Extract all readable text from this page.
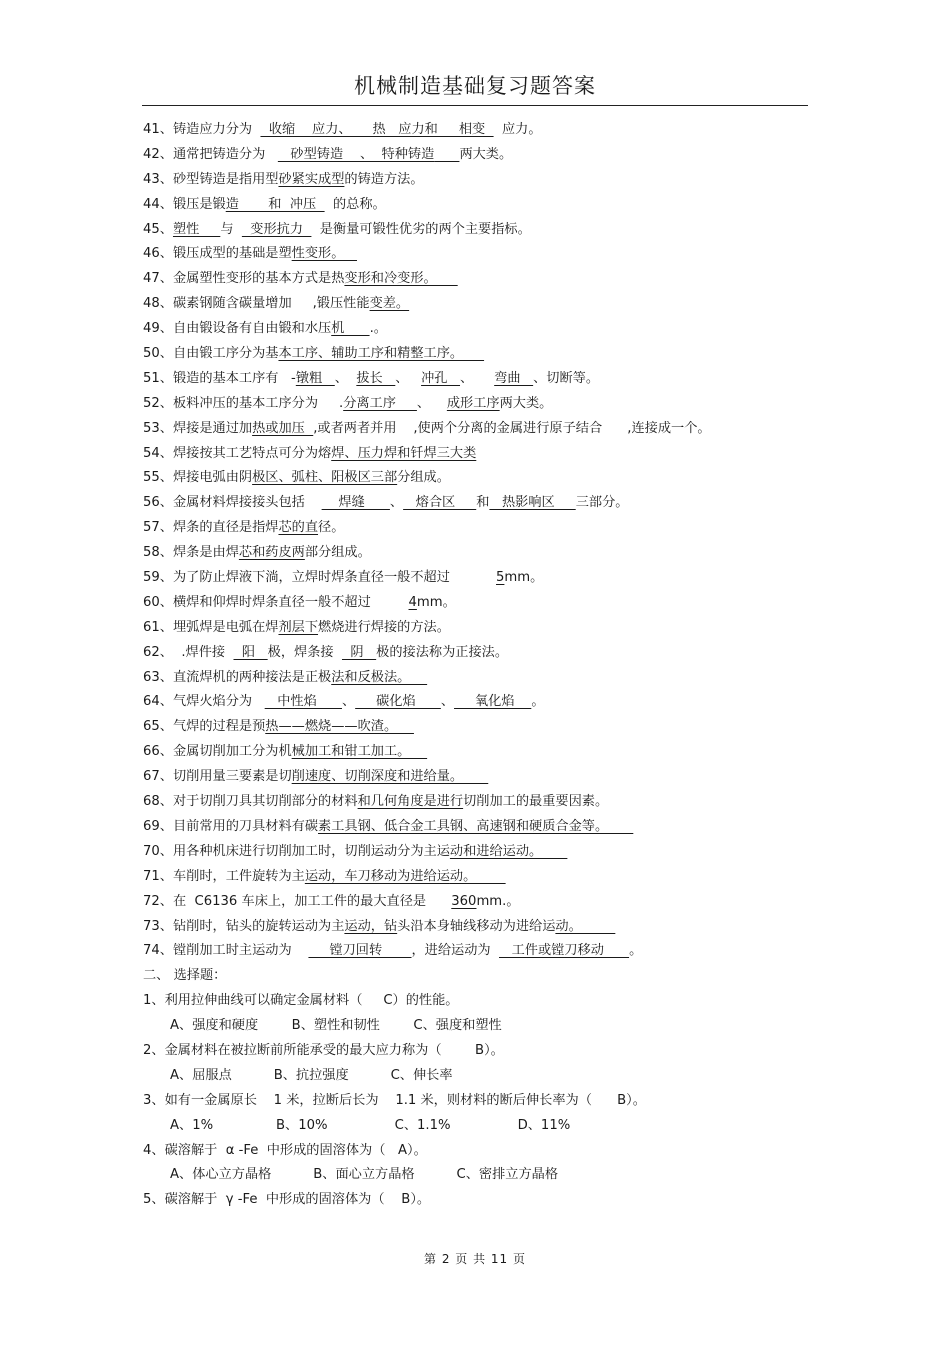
机械制造基础复习题答案
41、铸造应力分为    收缩    应力、     热   应力和     相变    应力。
42、通常把铸造分为      砂型铸造    、  特种铸造 两大类。
43、砂型铸造是指用型砂紧实成型的铸造方法。
44、锻压是锻造       和  冲压    的总称。
45、塑性     与    变形抗力    是衡量可锻性优劣的两个主要指标。
46、锻压成型的基础是塑性变形。
47、金属塑性变形的基本方式是热变形和冷变形。
48、碳素钢随含碳量增加     ,锻压性能变差。
49、自由锻设备有自由锻和水压机      .。
50、自由锻工序分为基本工序、辅助工序和精整工序。
51、锻造的基本工序有   -镦粗   、  拔长   、   冲孔   、     弯曲   、切断等。
52、板料冲压的基本工序分为     .分离工序     、    成形工序两大类。
53、焊接是通过加热或加压  ,或者两者并用    ,使两个分离的金属进行原子结合      ,连接成一个。
54、焊接按其工艺特点可分为熔焊、压力焊和钎焊三大类
55、焊接电弧由阴极区、弧柱、阳极区三部分组成。
56、金属材料焊接接头包括        焊缝      、   熔合区     和   热影响区     三部分。
57、焊条的直径是指焊芯的直径。
58、焊条是由焊芯和药皮两部分组成。
59、为了防止焊液下淌，立焊时焊条直径一般不超过           5mm。
60、横焊和仰焊时焊条直径一般不超过         4mm。
61、埋弧焊是电弧在焊剂层下燃烧进行焊接的方法。
62、  .焊件接    阳   极，焊条接    阴   极的接法称为正接法。
63、直流焊机的两种接法是正极法和反极法。
64、气焊火焰分为      中性焰      、     碳化焰      、     氧化焰    。
65、气焊的过程是预热——燃烧——吹渣。
66、金属切削加工分为机械加工和钳工加工。
67、切削用量三要素是切削速度、切削深度和进给量。
68、对于切削刀具其切削部分的材料和几何角度是进行切削加工的最重要因素。
69、目前常用的刀具材料有碳素工具钢、低合金工具钢、高速钢和硬质合金等。
70、用各种机床进行切削加工时，切削运动分为主运动和进给运动。
71、车削时，工件旋转为主运动，车刀移动为进给运动。
72、在  C6136 车床上，加工工件的最大直径是      360mm.。
73、钻削时，钻头的旋转运动为主运动，钻头沿本身轴线移动为进给运动。
74、镗削加工时主运动为         镗刀回转       ，进给运动为     工件或镗刀移动      。
二、 选择题：
1、利用拉伸曲线可以确定金属材料（     C）的性能。
A、强度和硬度        B、塑性和韧性        C、强度和塑性
2、金属材料在被拉断前所能承受的最大应力称为（        B）。
A、屈服点          B、抗拉强度          C、伸长率
3、如有一金属原长    1 米，拉断后长为    1.1 米，则材料的断后伸长率为（      B）。
A、1%               B、10%                C、1.1%                D、11%
4、碳溶解于  α -Fe  中形成的固溶体为（   A）。
A、体心立方晶格          B、面心立方晶格          C、密排立方晶格
5、碳溶解于  γ -Fe  中形成的固溶体为（    B）。
第 2 页 共 11 页
